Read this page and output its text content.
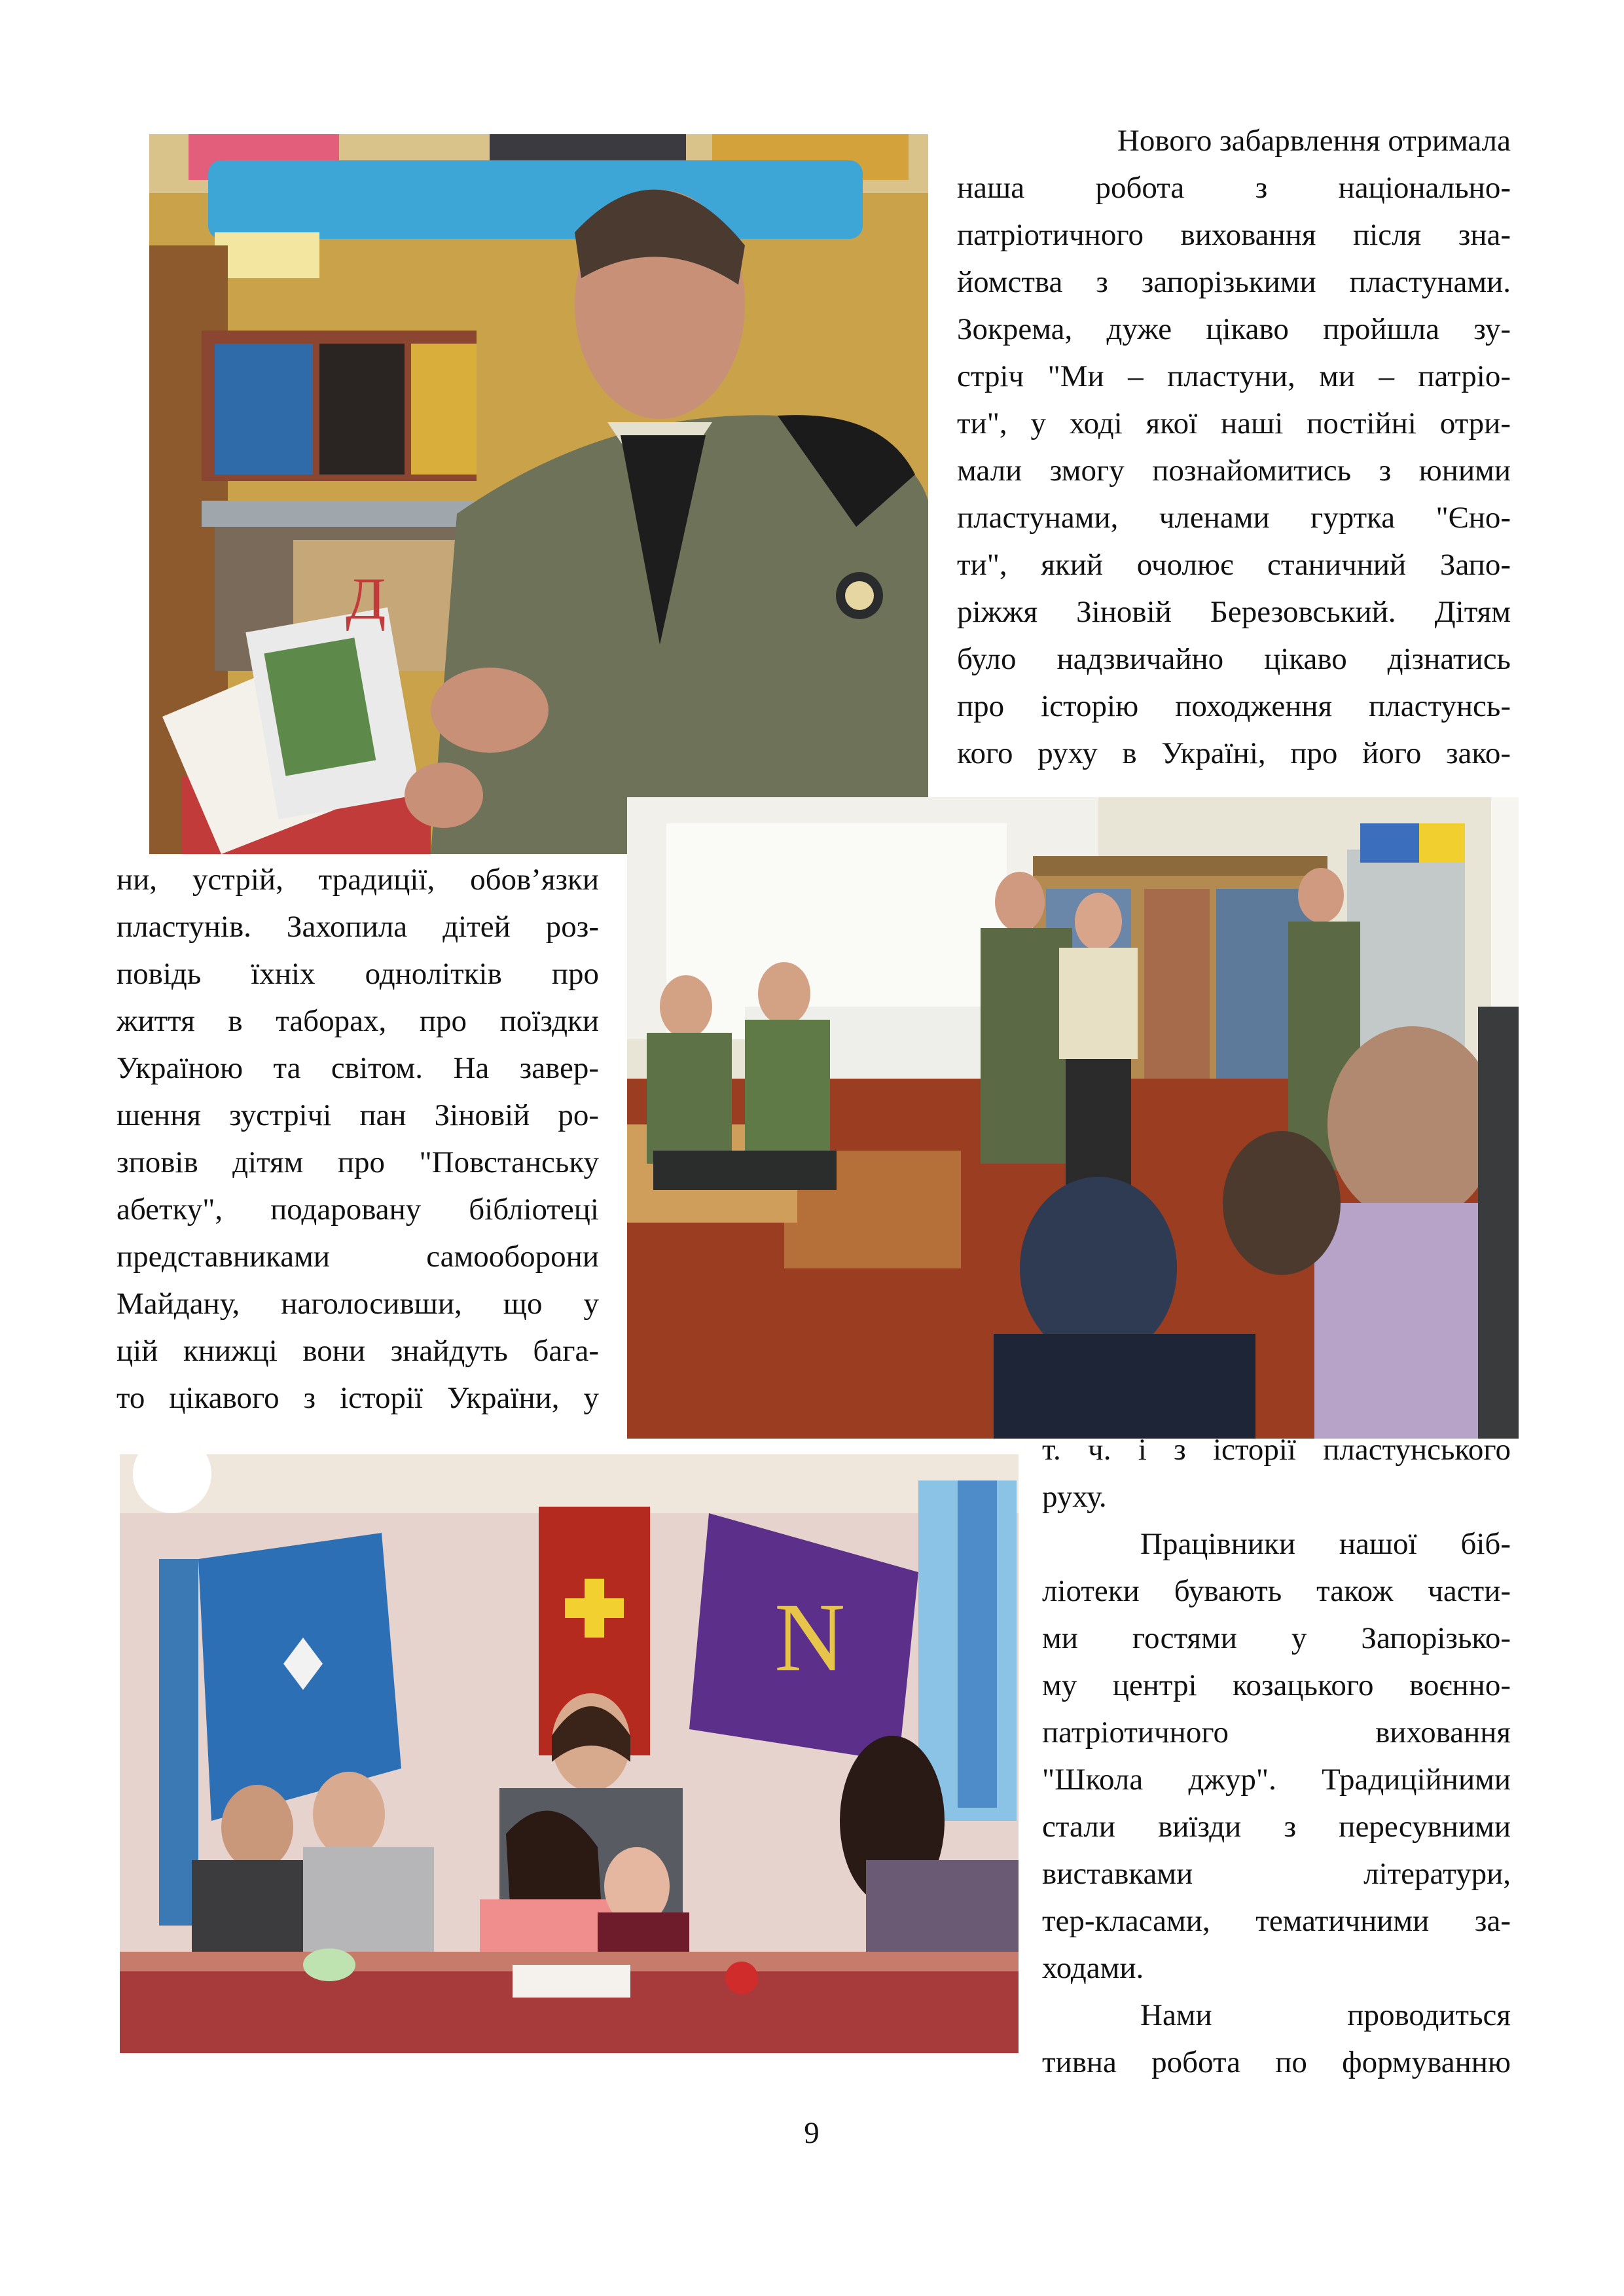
Д
Нового забарвлення отримала
наша робота з національно-
патріотичного виховання після зна-
йомства з запорізькими пластунами.
Зокрема, дуже цікаво пройшла зу-
стріч "Ми – пластуни, ми – патріо-
ти", у ході якої наші постійні отри-
мали змогу познайомитись з юними
пластунами, членами гуртка "Єно-
ти", який очолює станичний Запо-
ріжжя Зіновій Березовський. Дітям
було надзвичайно цікаво дізнатись
про історію походження пластунсь-
кого руху в Україні, про його зако-
ни, устрій, традиції, обов’язки
пластунів. Захопила дітей роз-
повідь їхніх однолітків про
життя в таборах, про поїздки
Україною та світом. На завер-
шення зустрічі пан Зіновій ро-
зповів дітям про "Повстанську
абетку", подаровану бібліотеці
представниками самооборони
Майдану, наголосивши, що у
цій книжці вони знайдуть бага-
то цікавого з історії України, у
N
т. ч. і з історії пластунського
руху.
Працівники нашої біб-
ліотеки бувають також части-
ми гостями у Запорізько-
му центрі козацького воєнно-
патріотичного виховання
"Школа джур". Традиційними
стали виїзди з пересувними
виставками літератури,
тер-класами, тематичними за-
ходами.
Нами проводиться
тивна робота по формуванню
9
